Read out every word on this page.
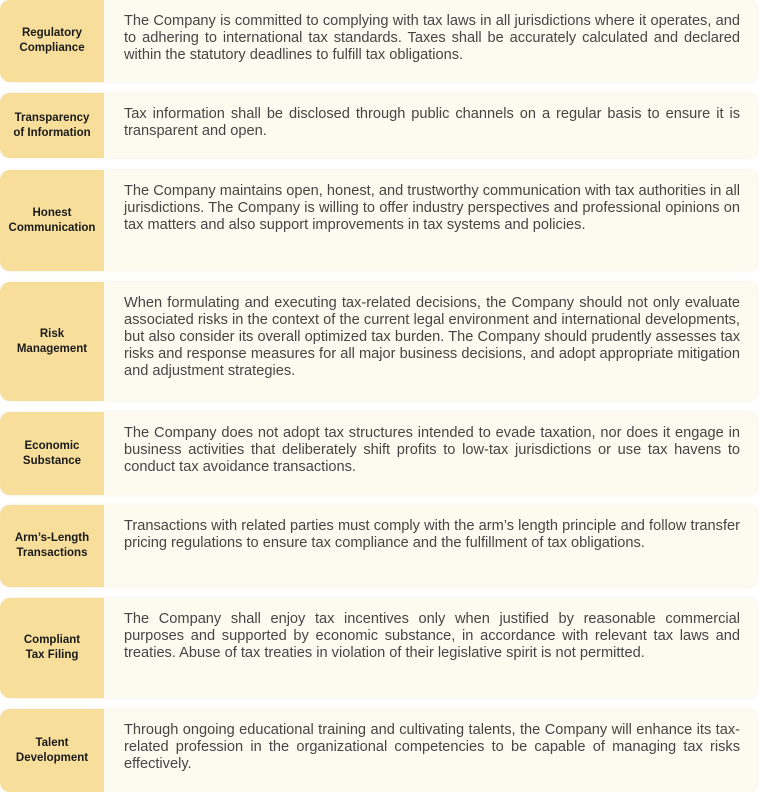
Regulatory
Compliance
The Company is committed to complying with tax laws in all jurisdictions where it operates, and to adhering to international tax standards. Taxes shall be accurately calculated and declared within the statutory deadlines to fulfill tax obligations.
Transparency
of Information
Tax information shall be disclosed through public channels on a regular basis to ensure it is transparent and open.
Honest
Communication
The Company maintains open, honest, and trustworthy communication with tax authorities in all jurisdictions. The Company is willing to offer industry perspectives and professional opinions on tax matters and also support improvements in tax systems and policies.
Risk
Management
When formulating and executing tax-related decisions, the Company should not only evaluate associated risks in the context of the current legal environment and international developments, but also consider its overall optimized tax burden. The Company should prudently assesses tax risks and response measures for all major business decisions, and adopt appropriate mitigation and adjustment strategies.
Economic
Substance
The Company does not adopt tax structures intended to evade taxation, nor does it engage in business activities that deliberately shift profits to low-tax jurisdictions or use tax havens to conduct tax avoidance transactions.
Arm’s-Length
Transactions
Transactions with related parties must comply with the arm’s length principle and follow transfer pricing regulations to ensure tax compliance and the fulfillment of tax obligations.
Compliant
Tax Filing
The Company shall enjoy tax incentives only when justified by reasonable commercial purposes and supported by economic substance, in accordance with relevant tax laws and treaties. Abuse of tax treaties in violation of their legislative spirit is not permitted.
Talent
Development
Through ongoing educational training and cultivating talents, the Company will enhance its tax-related profession in the organizational competencies to be capable of managing tax risks effectively.
